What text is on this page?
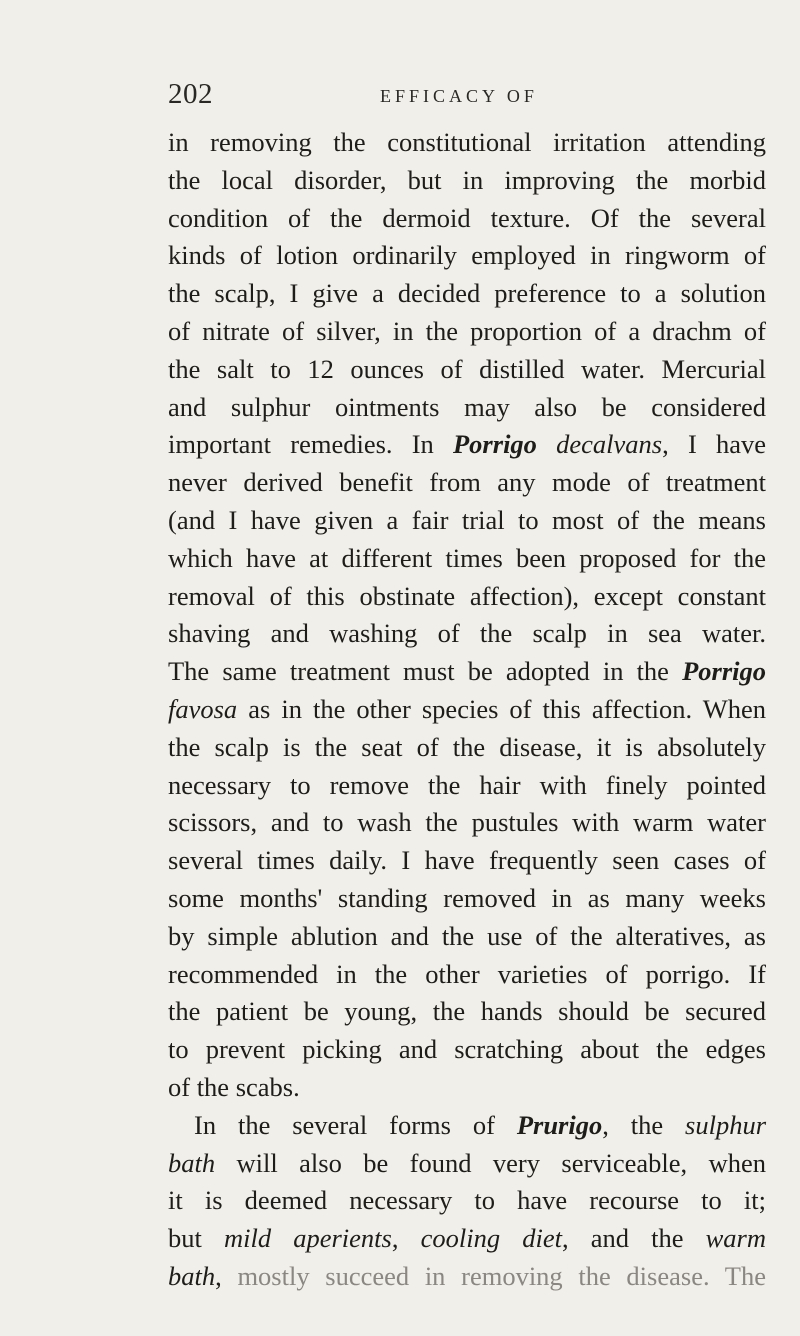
202	EFFICACY OF
in removing the constitutional irritation attending
the local disorder, but in improving the morbid
condition of the dermoid texture. Of the several
kinds of lotion ordinarily employed in ringworm of
the scalp, I give a decided preference to a solution
of nitrate of silver, in the proportion of a drachm of
the salt to 12 ounces of distilled water. Mercurial
and sulphur ointments may also be considered
important remedies. In Porrigo decalvans, I have
never derived benefit from any mode of treatment
(and I have given a fair trial to most of the means
which have at different times been proposed for the
removal of this obstinate affection), except constant
shaving and washing of the scalp in sea water.
The same treatment must be adopted in the Porrigo
favosa as in the other species of this affection. When
the scalp is the seat of the disease, it is absolutely
necessary to remove the hair with finely pointed
scissors, and to wash the pustules with warm water
several times daily. I have frequently seen cases of
some months' standing removed in as many weeks
by simple ablution and the use of the alteratives, as
recommended in the other varieties of porrigo. If
the patient be young, the hands should be secured
to prevent picking and scratching about the edges
of the scabs.
In the several forms of Prurigo, the sulphur
bath will also be found very serviceable, when
it is deemed necessary to have recourse to it;
but mild aperients, cooling diet, and the warm
bath, mostly succeed in removing the disease. The
